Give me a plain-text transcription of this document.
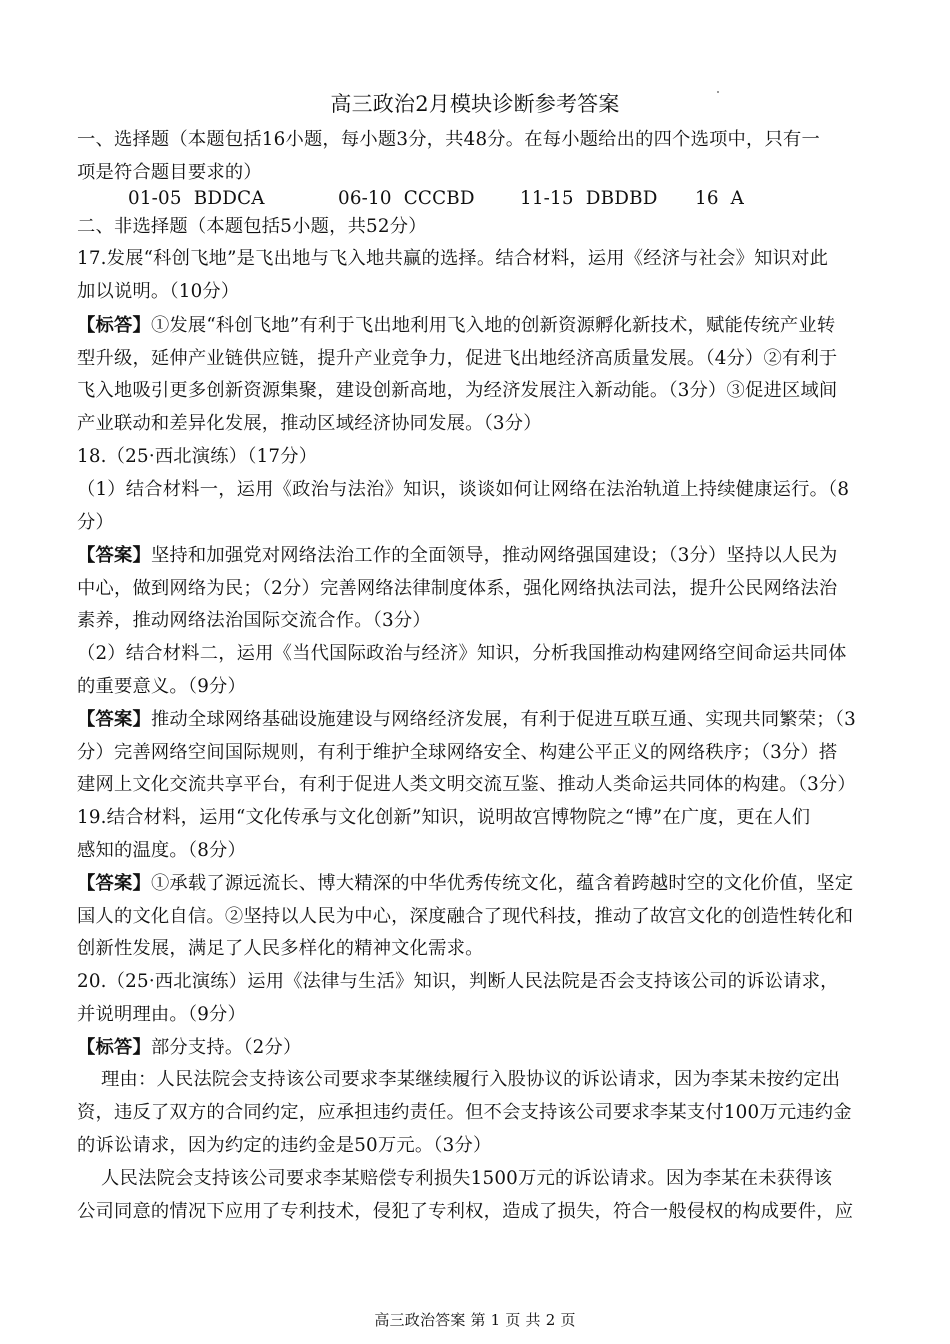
高三政治2月模块诊断参考答案
一、选择题（本题包括16小题，每小题3分，共48分。在每小题给出的四个选项中，只有一
项是符合题目要求的）
01-05  BDDCA	06-10  CCCBD 11-15  DBDBD 16  A
二、非选择题（本题包括5小题，共52分）
17.发展“科创飞地”是飞出地与飞入地共赢的选择。结合材料，运用《经济与社会》知识对此
加以说明。（10分）
【标答】①发展“科创飞地”有利于飞出地利用飞入地的创新资源孵化新技术，赋能传统产业转
型升级，延伸产业链供应链，提升产业竞争力，促进飞出地经济高质量发展。（4分）②有利于
飞入地吸引更多创新资源集聚，建设创新高地，为经济发展注入新动能。（3分）③促进区域间
产业联动和差异化发展，推动区域经济协同发展。（3分）
18.（25·西北演练）（17分）
（1）结合材料一，运用《政治与法治》知识，谈谈如何让网络在法治轨道上持续健康运行。（8
分）
【答案】坚持和加强党对网络法治工作的全面领导，推动网络强国建设；（3分）坚持以人民为
中心，做到网络为民；（2分）完善网络法律制度体系，强化网络执法司法，提升公民网络法治
素养，推动网络法治国际交流合作。（3分）
（2）结合材料二，运用《当代国际政治与经济》知识，分析我国推动构建网络空间命运共同体
的重要意义。（9分）
【答案】推动全球网络基础设施建设与网络经济发展，有利于促进互联互通、实现共同繁荣；（3
分）完善网络空间国际规则，有利于维护全球网络安全、构建公平正义的网络秩序；（3分）搭
建网上文化交流共享平台，有利于促进人类文明交流互鉴、推动人类命运共同体的构建。（3分）
19.结合材料，运用“文化传承与文化创新”知识，说明故宫博物院之“博”在广度，更在人们
感知的温度。（8分）
【答案】①承载了源远流长、博大精深的中华优秀传统文化，蕴含着跨越时空的文化价值，坚定
国人的文化自信。②坚持以人民为中心，深度融合了现代科技，推动了故宫文化的创造性转化和
创新性发展，满足了人民多样化的精神文化需求。
20.（25·西北演练）运用《法律与生活》知识，判断人民法院是否会支持该公司的诉讼请求，
并说明理由。（9分）
【标答】部分支持。（2分）
理由：人民法院会支持该公司要求李某继续履行入股协议的诉讼请求，因为李某未按约定出
资，违反了双方的合同约定，应承担违约责任。但不会支持该公司要求李某支付100万元违约金
的诉讼请求，因为约定的违约金是50万元。（3分）
人民法院会支持该公司要求李某赔偿专利损失1500万元的诉讼请求。因为李某在未获得该
公司同意的情况下应用了专利技术，侵犯了专利权，造成了损失，符合一般侵权的构成要件，应
高三政治答案 第 1 页 共 2 页
